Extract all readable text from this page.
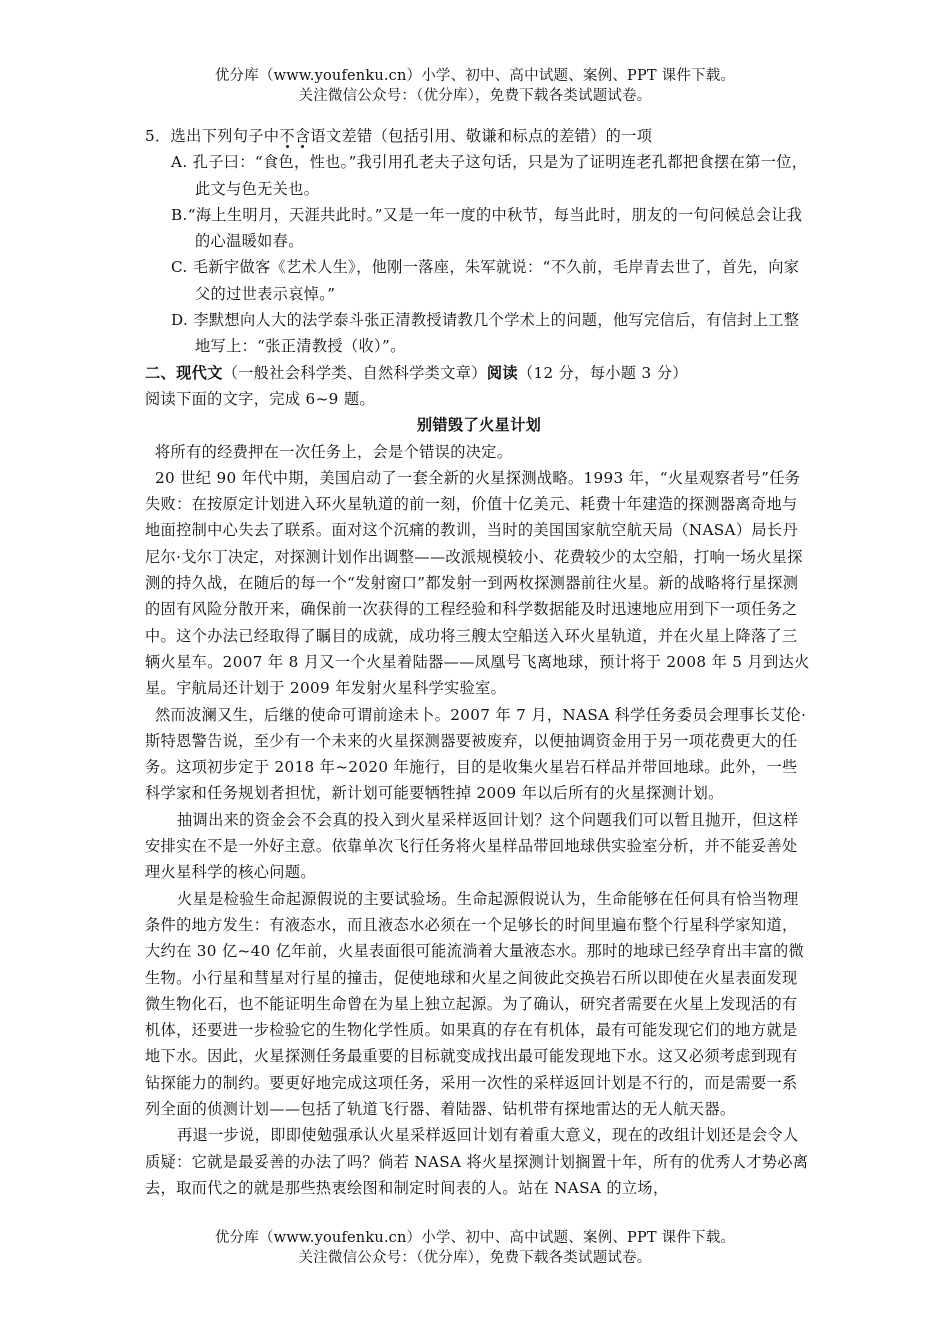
优分库（www.youfenku.cn）小学、初中、高中试题、案例、PPT 课件下载。
关注微信公众号：（优分库），免费下载各类试题试卷。

5．选出下列句子中不含语文差错（包括引用、敬谦和标点的差错）的一项

A. 孔子曰：“食色，性也。”我引用孔老夫子这句话，只是为了证明连老孔都把食摆在第一位，此文与色无关也。

B.“海上生明月，天涯共此时。”又是一年一度的中秋节，每当此时，朋友的一句问候总会让我的心温暖如春。

C. 毛新宇做客《艺术人生》，他刚一落座，朱军就说：“不久前，毛岸青去世了，首先，向家父的过世表示哀悼。”

D. 李默想向人大的法学泰斗张正清教授请教几个学术上的问题，他写完信后，有信封上工整地写上：“张正清教授（收）”。

二、现代文（一般社会科学类、自然科学类文章）阅读（12 分，每小题 3 分）

阅读下面的文字，完成 6~9 题。

别错毁了火星计划

将所有的经费押在一次任务上，会是个错误的决定。

20 世纪 90 年代中期，美国启动了一套全新的火星探测战略。1993 年，“火星观察者号”任务失败：在按原定计划进入环火星轨道的前一刻，价值十亿美元、耗费十年建造的探测器离奇地与地面控制中心失去了联系。面对这个沉痛的教训，当时的美国国家航空航天局（NASA）局长丹尼尔·戈尔丁决定，对探测计划作出调整——改派规模较小、花费较少的太空船，打响一场火星探测的持久战，在随后的每一个“发射窗口”都发射一到两枚探测器前往火星。新的战略将行星探测的固有风险分散开来，确保前一次获得的工程经验和科学数据能及时迅速地应用到下一项任务之中。这个办法已经取得了瞩目的成就，成功将三艘太空船送入环火星轨道，并在火星上降落了三辆火星车。2007 年 8 月又一个火星着陆器——凤凰号飞离地球，预计将于 2008 年 5 月到达火星。宇航局还计划于 2009 年发射火星科学实验室。

然而波澜又生，后继的使命可谓前途未卜。2007 年 7 月，NASA 科学任务委员会理事长艾伦·斯特恩警告说，至少有一个未来的火星探测器要被废弃，以便抽调资金用于另一项花费更大的任务。这项初步定于 2018 年~2020 年施行，目的是收集火星岩石样品并带回地球。此外，一些科学家和任务规划者担忧，新计划可能要牺牲掉 2009 年以后所有的火星探测计划。

抽调出来的资金会不会真的投入到火星采样返回计划？这个问题我们可以暂且抛开，但这样安排实在不是一外好主意。依靠单次飞行任务将火星样品带回地球供实验室分析，并不能妥善处理火星科学的核心问题。

火星是检验生命起源假说的主要试验场。生命起源假说认为，生命能够在任何具有恰当物理条件的地方发生：有液态水，而且液态水必须在一个足够长的时间里遍布整个行星科学家知道，大约在 30 亿~40 亿年前，火星表面很可能流淌着大量液态水。那时的地球已经孕育出丰富的微生物。小行星和彗星对行星的撞击，促使地球和火星之间彼此交换岩石所以即使在火星表面发现微生物化石，也不能证明生命曾在为星上独立起源。为了确认，研究者需要在火星上发现活的有机体，还要进一步检验它的生物化学性质。如果真的存在有机体，最有可能发现它们的地方就是地下水。因此，火星探测任务最重要的目标就变成找出最可能发现地下水。这又必须考虑到现有钻探能力的制约。要更好地完成这项任务，采用一次性的采样返回计划是不行的，而是需要一系列全面的侦测计划——包括了轨道飞行器、着陆器、钻机带有探地雷达的无人航天器。

再退一步说，即即使勉强承认火星采样返回计划有着重大意义，现在的改组计划还是会令人质疑：它就是最妥善的办法了吗？倘若 NASA 将火星探测计划搁置十年，所有的优秀人才势必离去，取而代之的就是那些热衷绘图和制定时间表的人。站在 NASA 的立场，

优分库（www.youfenku.cn）小学、初中、高中试题、案例、PPT 课件下载。
关注微信公众号：（优分库），免费下载各类试题试卷。
